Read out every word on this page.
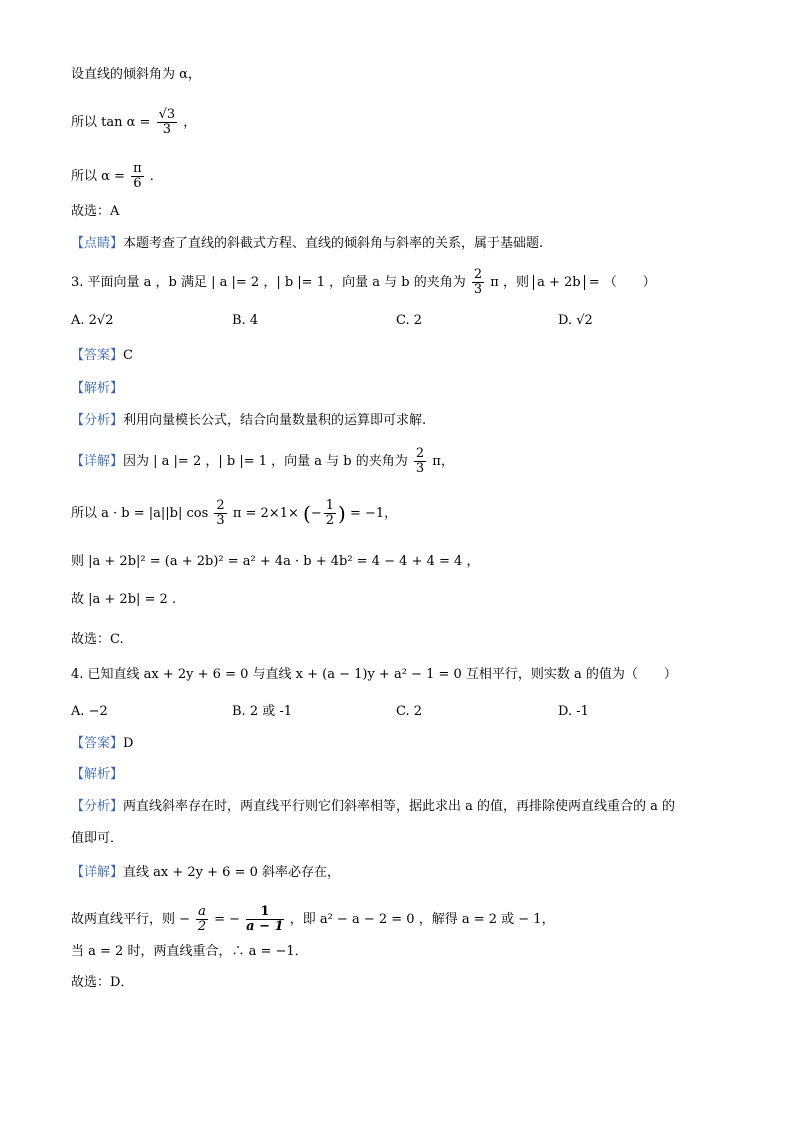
设直线的倾斜角为 α，
所以 $\tan \alpha = \frac{√3}{3}$ ，
所以 $\alpha = \frac{\pi}{6}$ .
故选：A
【点睛】本题考查了直线的斜截式方程、直线的倾斜角与斜率的关系，属于基础题.
3. 平面向量 a ，b 满足 | a |= 2 ，| b |= 1 ，向量 a 与 b 的夹角为 $\frac{2}{3}$ π ，则 a + 2b = （　　）
A. 2√2	B. 4	C. 2	D. √2
【答案】C
【解析】
【分析】利用向量模长公式，结合向量数量积的运算即可求解.
【详解】因为 | a |= 2 ，| b |= 1 ，向量 a 与 b 的夹角为 $\frac{2}{3}$ π，
所以 a · b = |a||b| $\cos \frac{2}{3}$ π = 2×1× (− $\frac{1}{2}$ ) = −1，
则 |a + 2b|² = (a + 2b)² = a² + 4a · b + 4b² = 4 − 4 + 4 = 4 ，
故 |a + 2b| = 2 .
故选：C.
4. 已知直线 ax + 2y + 6 = 0 与直线 x + (a − 1)y + a² − 1 = 0 互相平行，则实数 a 的值为（　　）
A. −2	B. 2 或 -1	C. 2	D. -1
【答案】D
【解析】
【分析】两直线斜率存在时，两直线平行则它们斜率相等，据此求出 a 的值，再排除使两直线重合的 a 的
值即可．
【详解】直线 ax + 2y + 6 = 0 斜率必存在，
故两直线平行，则 − $\frac{a}{2}$ = − $\frac{1}{a - 1}$ ，即 a² − a − 2 = 0 ，解得 a = 2 或 − 1，
当 a = 2 时，两直线重合，∴ a = −1．
故选：D．
